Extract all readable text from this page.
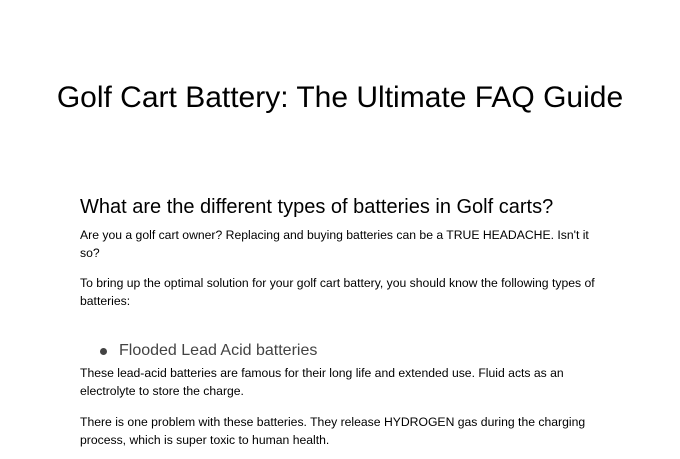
Golf Cart Battery: The Ultimate FAQ Guide
What are the different types of batteries in Golf carts?

Are you a golf cart owner? Replacing and buying batteries can be a TRUE HEADACHE. Isn't it so?

To bring up the optimal solution for your golf cart battery, you should know the following types of batteries:

Flooded Lead Acid batteries

These lead-acid batteries are famous for their long life and extended use. Fluid acts as an electrolyte to store the charge.

There is one problem with these batteries. They release HYDROGEN gas during the charging process, which is super toxic to human health.
